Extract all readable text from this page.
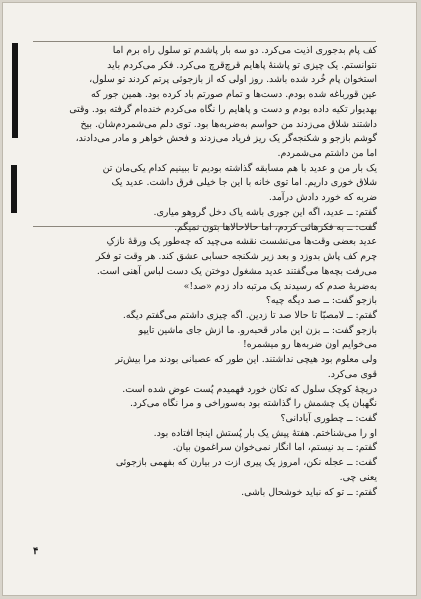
کف پام بدجوری اذیت می‌کرد. دو سه بار پاشدم تو سلول راه برم اما

نتوانستم. یک چیزی تو پاشنهٔ پاهایم قرچ‌قرچ می‌کرد. فکر می‌کردم باید

استخوان پام خُرد شده باشد. روز اولی که از بازجوئی پرتم کردند تو سلول،

عین قورباغه شده بودم. دست‌ها و تمام صورتم باد کرده بود. همین جور که

بهدیوار تکیه داده بودم و دست و پاهایم را نگاه می‌کردم خنده‌ام گرفته بود. وقتی

داشتند شلاق می‌زدند من حواسم به‌ضربه‌ها بود. توی دلم می‌شمردم‌شان. بیخ

گوشم بازجو و شکنجه‌گر یک ریز فریاد می‌زدند و فحش خواهر و مادر می‌دادند،

اما من داشتم می‌شمردم.

یک بار من و عدید با هم مسابقه گذاشته بودیم تا ببینیم کدام یکی‌مان تن

شلاق خوری داریم. اما توی خانه با این جا خیلی فرق داشت. عدید یک

ضربه که خورد دادش درآمد.

گفتم: ــ عدید، اگه این جوری باشه یاک دخل گروهو میاری.

گفت: ــ به فکرهائی کردم، اما حالاحالاها بتون نمیگم.

عدید بعضی وقت‌ها می‌نشست نقشه می‌چید که چه‌طور یک ورقهٔ نازکِ

چرم کف پاش بدوزد و بعد زیر شکنجه حسابی عشق کند. هر وقت تو فکر

می‌رفت بچه‌ها می‌گفتند عدید مشغول دوختن یک دست لباس آهنی است.

به‌ضربهٔ صدم که رسیدند یک مرتبه داد زدم «صد!»

بازجو گفت: ــ صد دیگه چیه؟

گفتم: ــ لامصبّا تا حالا صد تا زدین. اگه چیزی داشتم می‌گفتم دیگه.

بازجو گفت: ــ بزن این مادر قحبه‌رو. ما ازش جای ماشین تایپو

می‌خوایم اون ضربه‌ها رو میشمره!

ولی معلوم بود هیچی نداشتند. این طور که عصبانی بودند مرا بیش‌تر

قوی می‌کرد.

دریچهٔ کوچک سلول که تکان خورد فهمیدم پُست عوض شده است.

نگهبان یک چشمش را گذاشته بود به‌سوراخی و مرا نگاه می‌کرد.

گفت: ــ چطوری آبادانی؟

او را می‌شناختم. هفتهٔ پیش یک بار پُستش اینجا افتاده بود.

گفتم: ــ بد نیستم، اما انگار نمی‌خوان سراغمون بیان.

گفت: ــ عجله نکن، امروز یک پیری ازت در بیارن که بفهمی بازجوئی

یعنی چی.

گفتم: ــ تو که نباید خوشحال باشی.

۴
